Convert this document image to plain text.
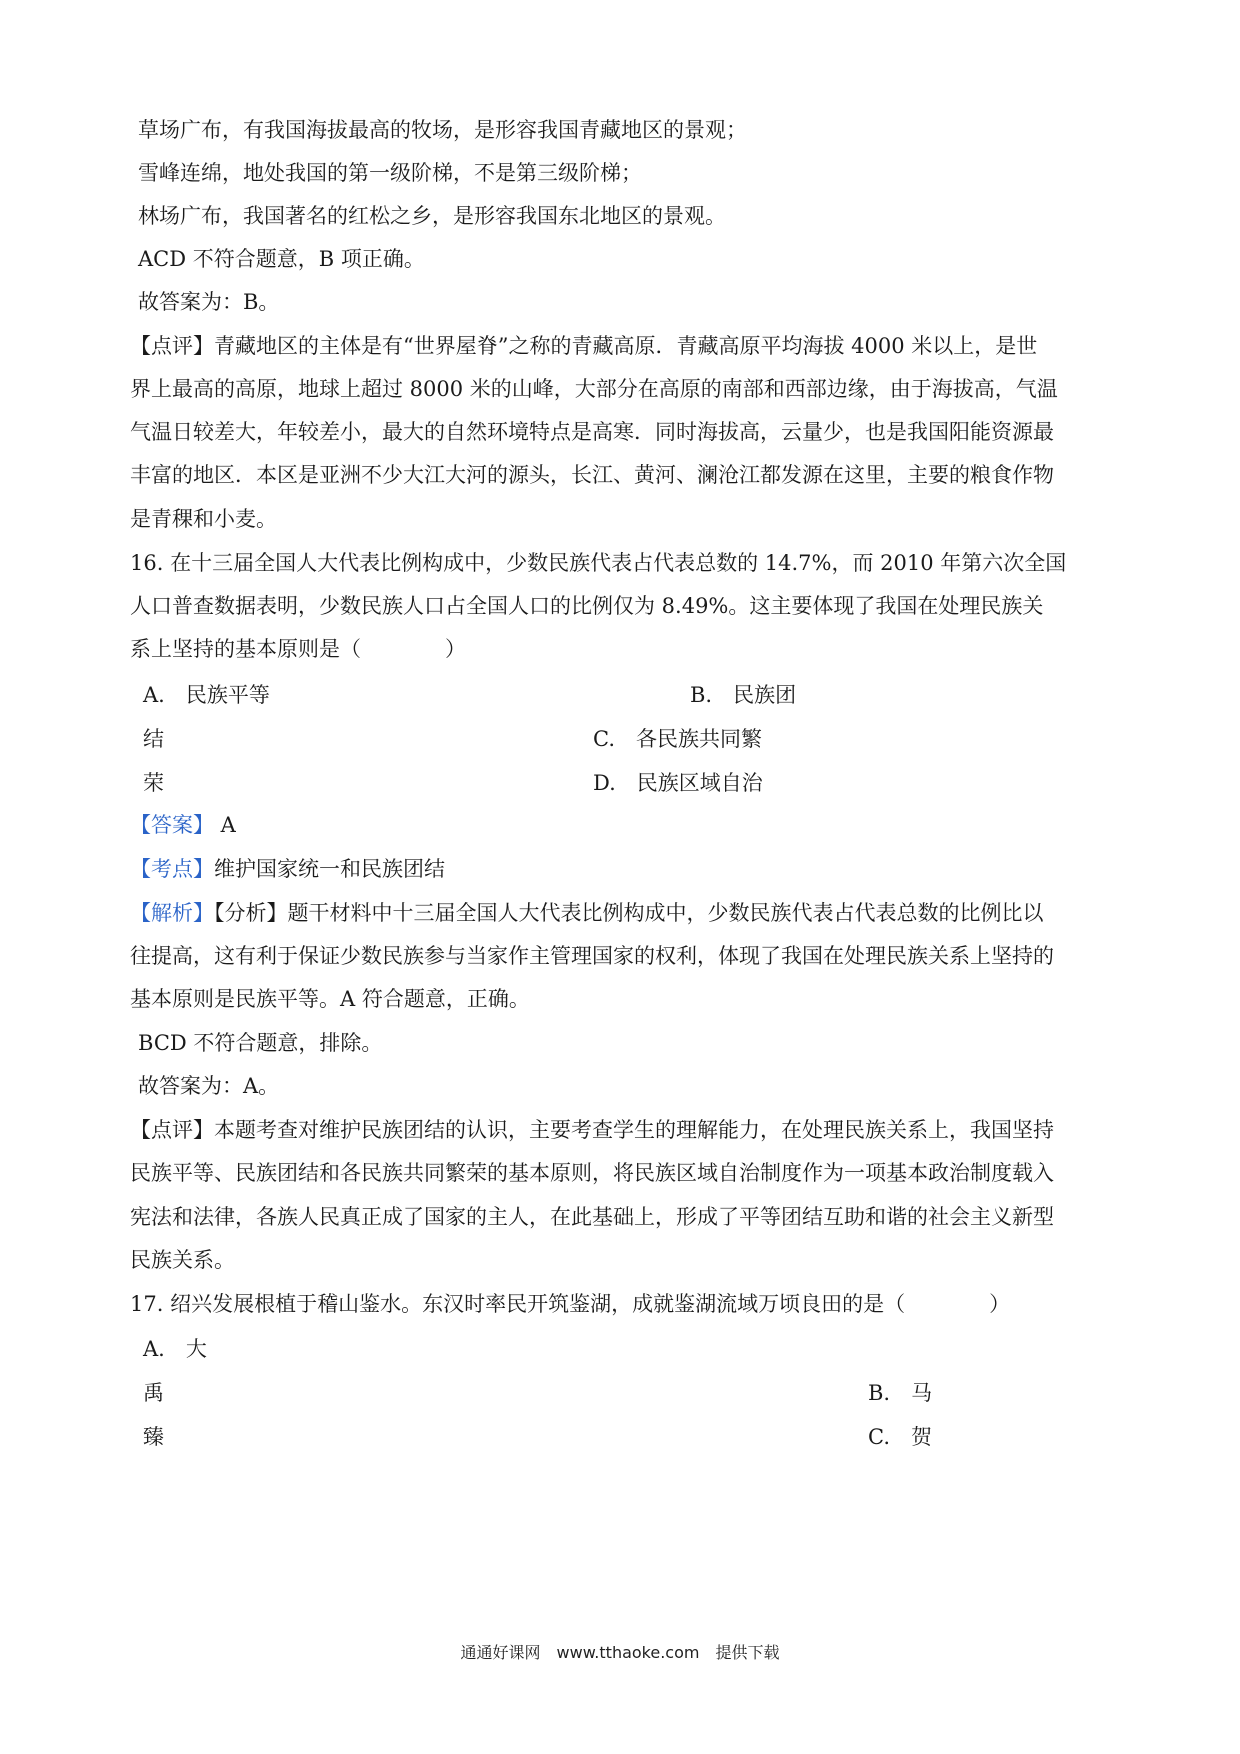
草场广布，有我国海拔最高的牧场，是形容我国青藏地区的景观；
雪峰连绵，地处我国的第一级阶梯，不是第三级阶梯；
林场广布，我国著名的红松之乡，是形容我国东北地区的景观。
ACD 不符合题意，B 项正确。
故答案为：B。
【点评】青藏地区的主体是有“世界屋脊”之称的青藏高原．青藏高原平均海拔 4000 米以上，是世
界上最高的高原，地球上超过 8000 米的山峰，大部分在高原的南部和西部边缘，由于海拔高，气温
气温日较差大，年较差小，最大的自然环境特点是高寒．同时海拔高，云量少，也是我国阳能资源最
丰富的地区．本区是亚洲不少大江大河的源头，长江、黄河、澜沧江都发源在这里，主要的粮食作物
是青稞和小麦。
16. 在十三届全国人大代表比例构成中，少数民族代表占代表总数的 14.7%，而 2010 年第六次全国
人口普查数据表明，少数民族人口占全国人口的比例仅为 8.49%。这主要体现了我国在处理民族关
系上坚持的基本原则是（　　　　）
A.　民族平等	B.　民族团
结	C.　各民族共同繁
荣	D.　民族区域自治
【答案】 A
【考点】维护国家统一和民族团结
【解析】【分析】题干材料中十三届全国人大代表比例构成中，少数民族代表占代表总数的比例比以
往提高，这有利于保证少数民族参与当家作主管理国家的权利，体现了我国在处理民族关系上坚持的
基本原则是民族平等。A 符合题意，正确。
BCD 不符合题意，排除。
故答案为：A。
【点评】本题考查对维护民族团结的认识，主要考查学生的理解能力，在处理民族关系上，我国坚持
民族平等、民族团结和各民族共同繁荣的基本原则，将民族区域自治制度作为一项基本政治制度载入
宪法和法律，各族人民真正成了国家的主人，在此基础上，形成了平等团结互助和谐的社会主义新型
民族关系。
17. 绍兴发展根植于稽山鉴水。东汉时率民开筑鉴湖，成就鉴湖流域万顷良田的是（　　　　）
A.　大
禹	B.　马
臻	C.　贺
通通好课网　www.tthaoke.com　提供下载
